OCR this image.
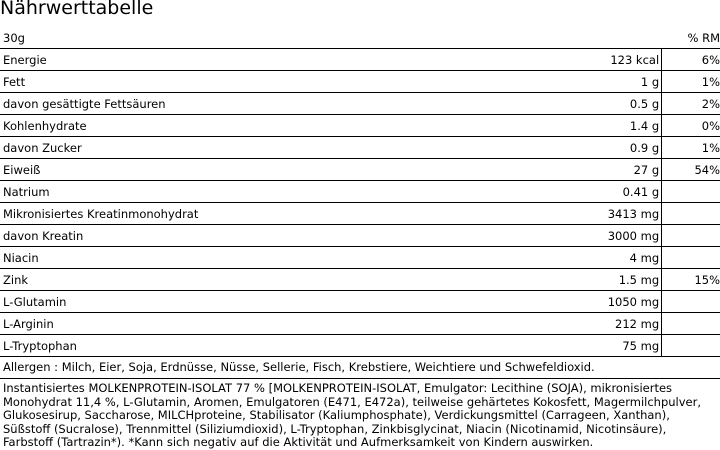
Nährwerttabelle
30g		% RM
Energie	123 kcal	6%
Fett	1 g	1%
davon gesättigte Fettsäuren	0.5 g	2%
Kohlenhydrate	1.4 g	0%
davon Zucker	0.9 g	1%
Eiweiß	27 g	54%
Natrium	0.41 g	
Mikronisiertes Kreatinmonohydrat	3413 mg	
davon Kreatin	3000 mg	
Niacin	4 mg	
Zink	1.5 mg	15%
L-Glutamin	1050 mg	
L-Arginin	212 mg	
L-Tryptophan	75 mg	
Allergen : Milch, Eier, Soja, Erdnüsse, Nüsse, Sellerie, Fisch, Krebstiere, Weichtiere und Schwefeldioxid.
Instantisiertes MOLKENPROTEIN-ISOLAT 77 % [MOLKENPROTEIN-ISOLAT, Emulgator: Lecithine (SOJA), mikronisiertes Monohydrat 11,4 %, L-Glutamin, Aromen, Emulgatoren (E471, E472a), teilweise gehärtetes Kokosfett, Magermilchpulver, Glukosesirup, Saccharose, MILCHproteine, Stabilisator (Kaliumphosphate), Verdickungsmittel (Carrageen, Xanthan), Süßstoff (Sucralose), Trennmittel (Siliziumdioxid), L-Tryptophan, Zinkbisglycinat, Niacin (Nicotinamid, Nicotinsäure), Farbstoff (Tartrazin*). *Kann sich negativ auf die Aktivität und Aufmerksamkeit von Kindern auswirken.
